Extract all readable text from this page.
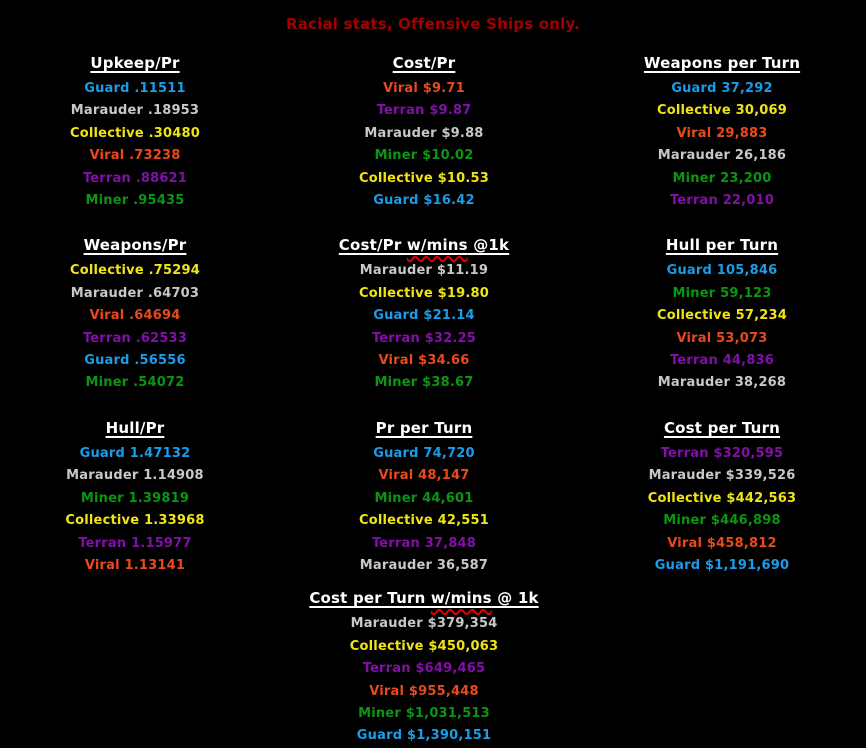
Racial stats, Offensive Ships only.
Upkeep/Pr
Guard .11511
Marauder .18953
Collective .30480
Viral .73238
Terran .88621
Miner .95435
Cost/Pr
Viral $9.71
Terran $9.87
Marauder $9.88
Miner $10.02
Collective $10.53
Guard $16.42
Weapons per Turn
Guard 37,292
Collective 30,069
Viral 29,883
Marauder 26,186
Miner 23,200
Terran 22,010
Weapons/Pr
Collective .75294
Marauder .64703
Viral .64694
Terran .62533
Guard .56556
Miner .54072
Cost/Pr w/mins @1k
Marauder $11.19
Collective $19.80
Guard $21.14
Terran $32.25
Viral $34.66
Miner $38.67
Hull per Turn
Guard 105,846
Miner 59,123
Collective 57,234
Viral 53,073
Terran 44,836
Marauder 38,268
Hull/Pr
Guard 1.47132
Marauder 1.14908
Miner 1.39819
Collective 1.33968
Terran 1.15977
Viral 1.13141
Pr per Turn
Guard 74,720
Viral 48,147
Miner 44,601
Collective 42,551
Terran 37,848
Marauder 36,587
Cost per Turn
Terran $320,595
Marauder $339,526
Collective $442,563
Miner $446,898
Viral $458,812
Guard $1,191,690
Cost per Turn w/mins @ 1k
Marauder $379,354
Collective $450,063
Terran $649,465
Viral $955,448
Miner $1,031,513
Guard $1,390,151
